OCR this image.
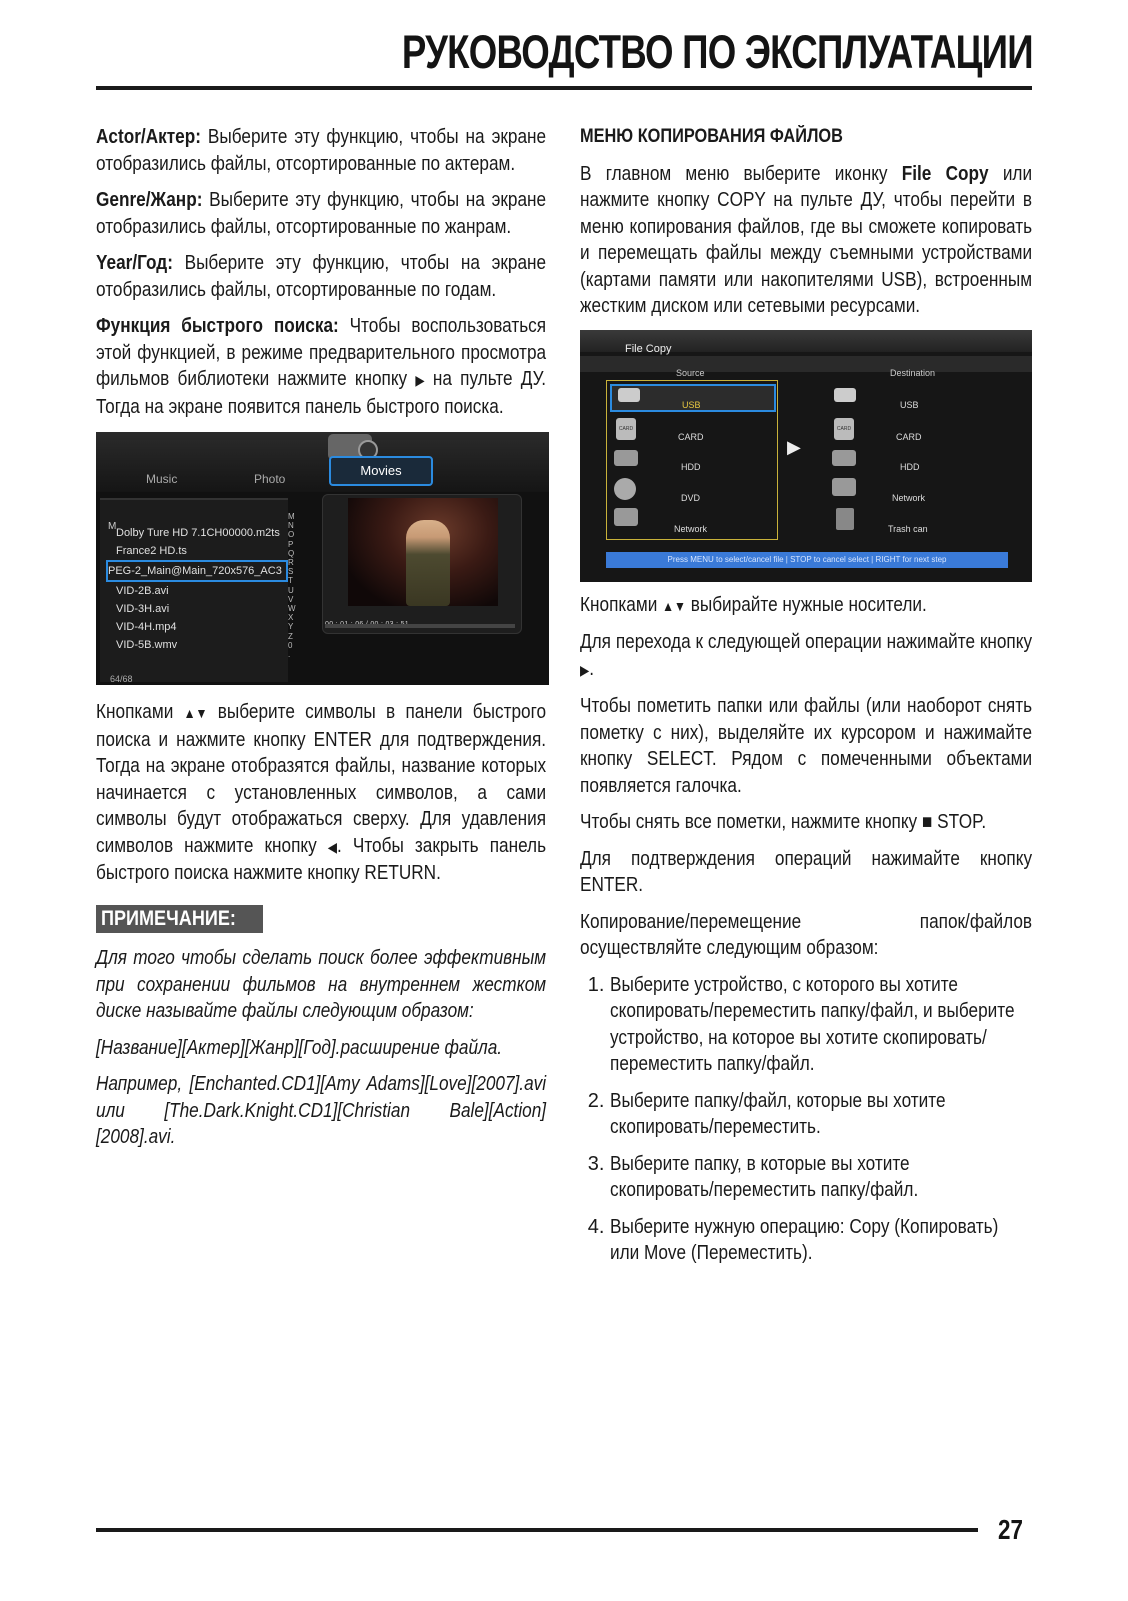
РУКОВОДСТВО ПО ЭКСПЛУАТАЦИИ

Actor/Актер: Выберите эту функцию, чтобы на экране отобразились файлы, отсортированные по актерам.

Genre/Жанр: Выберите эту функцию, чтобы на экране отобразились файлы, отсортированные по жанрам.

Year/Год: Выберите эту функцию, чтобы на экране отобразились файлы, отсортированные по годам.

Функция быстрого поиска: Чтобы воспользоваться этой функцией, в режиме предварительного просмотра фильмов библиотеки нажмите кнопку ▶ на пульте ДУ. Тогда на экране появится панель быстрого поиска.

Music	Photo
Movies
M
Dolby Ture HD 7.1CH00000.m2ts
France2 HD.ts
PEG-2_Main@Main_720x576_AC3
VID-2B.avi
VID-3H.avi
VID-4H.mp4
VID-5B.wmv
M
N
O
P
Q
R
S
T
U
V
W
X
Y
Z
0
.
64/68

Кнопками ▲▼ выберите символы в панели быстрого поиска и нажмите кнопку ENTER для подтверждения. Тогда на экране отобразятся файлы, название которых начинается с установленных символов, а сами символы будут отображаться сверху. Для удавления символов нажмите кнопку ◀. Чтобы закрыть панель быстрого поиска нажмите кнопку RETURN.

ПРИМЕЧАНИЕ:

Для того чтобы сделать поиск более эффективным при сохранении фильмов на внутреннем жестком диске называйте файлы следующим образом:

[Название][Актер][Жанр][Год].расширение файла.

Например, [Enchanted.CD1][Amy Adams][Love][2007].avi или [The.Dark.Knight.CD1][Christian Bale][Action][2008].avi.

МЕНЮ КОПИРОВАНИЯ ФАЙЛОВ

В главном меню выберите иконку File Copy или нажмите кнопку COPY на пульте ДУ, чтобы перейти в меню копирования файлов, где вы сможете копировать и перемещать файлы между съемными устройствами (картами памяти или накопителями USB), встроенным жестким диском или сетевыми ресурсами.

File Copy
Source	Destination
USB
CARD
CARD
HDD
DVD
Network
▶
USB
CARD
CARD
HDD
Network
Trash can
Press MENU to select/cancel file | STOP to cancel select | RIGHT for next step

Кнопками ▲▼ выбирайте нужные носители.

Для перехода к следующей операции нажимайте кнопку ▶.

Чтобы пометить папки или файлы (или наоборот снять пометку с них), выделяйте их курсором и нажимайте кнопку SELECT. Рядом с помеченными объектами появляется галочка.

Чтобы снять все пометки, нажмите кнопку ■ STOP.

Для подтверждения операций нажимайте кнопку ENTER.

Копирование/перемещение папок/файлов осуществляйте следующим образом:

1. Выберите устройство, с которого вы хотите скопировать/переместить папку/файл, и выберите устройство, на которое вы хотите скопировать/переместить папку/файл.
2. Выберите папку/файл, которые вы хотите скопировать/переместить.
3. Выберите папку, в которые вы хотите скопировать/переместить папку/файл.
4. Выберите нужную операцию: Copy (Копировать) или Move (Переместить).
27
